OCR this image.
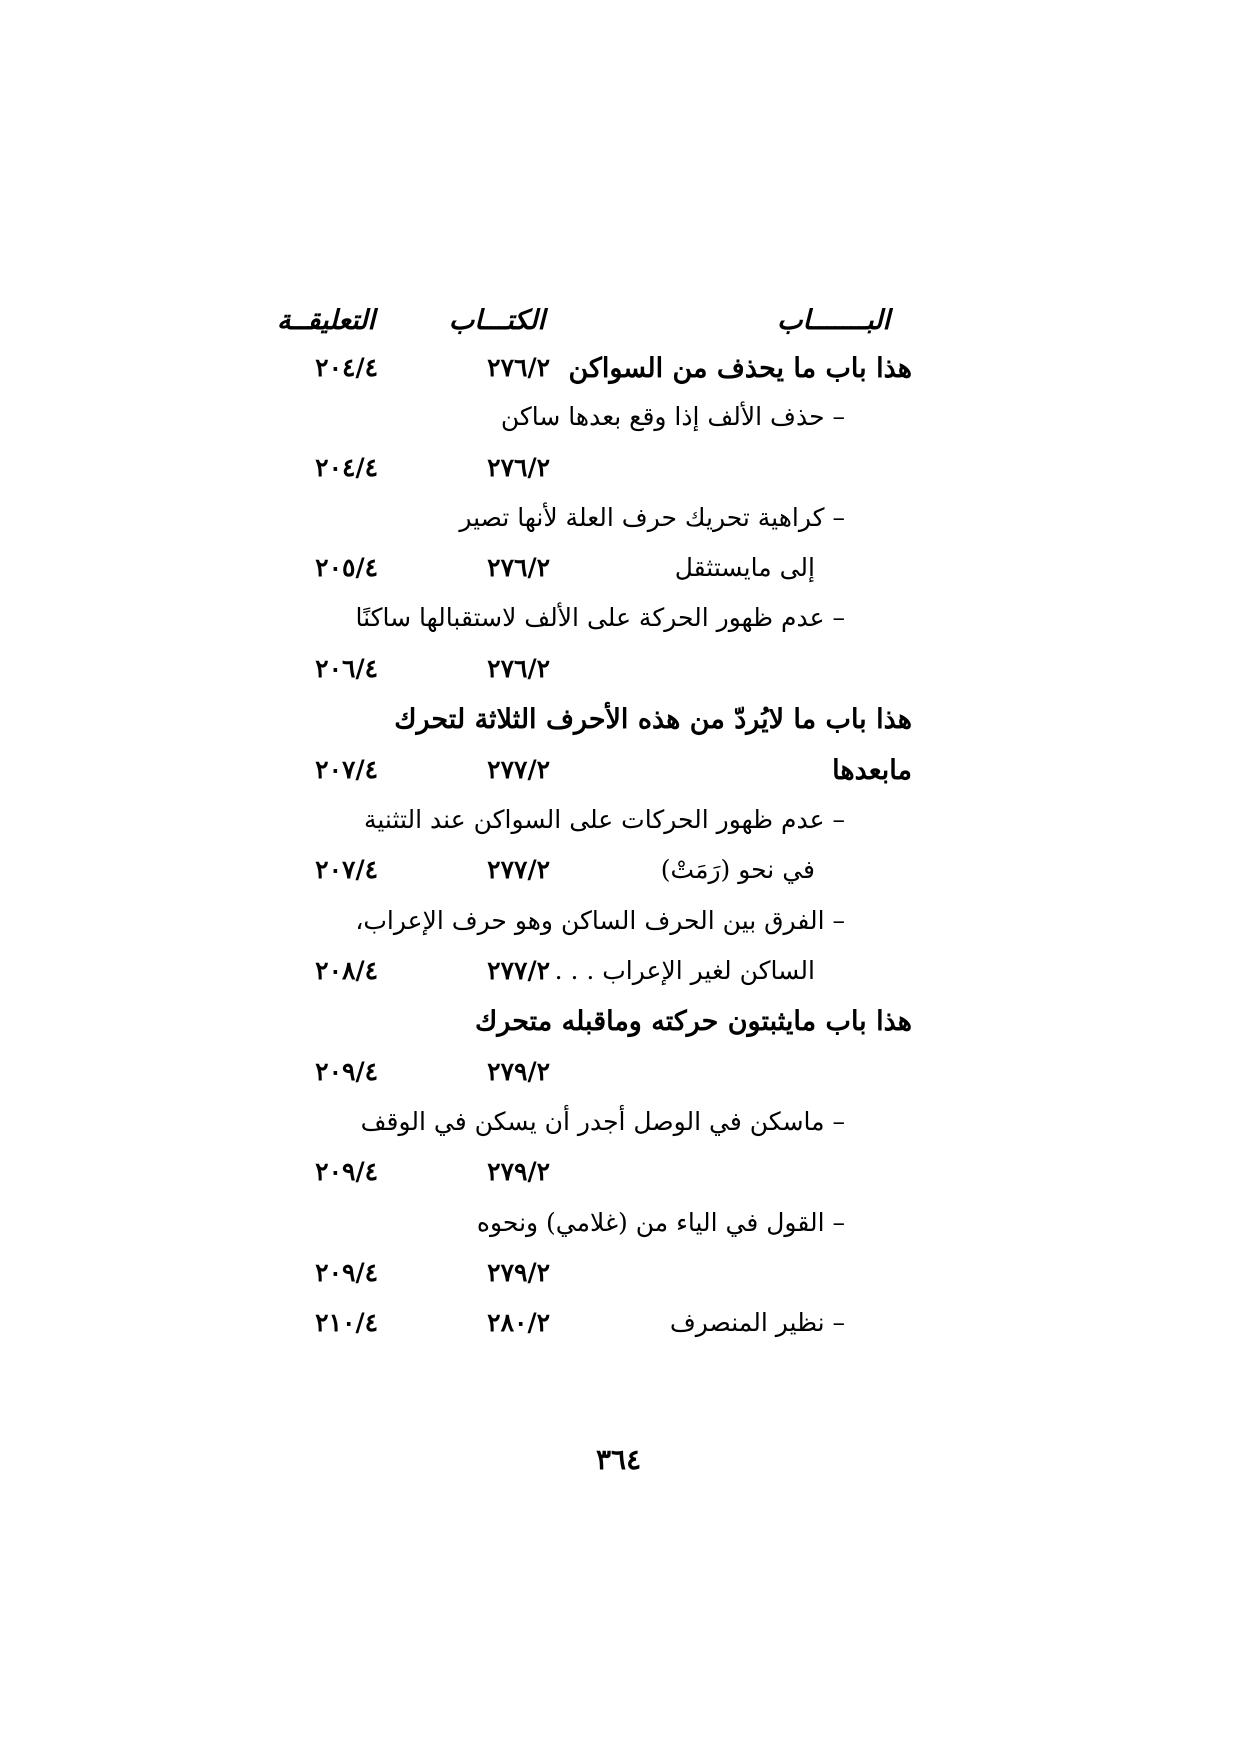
البـــــــاب
الكتـــاب
التعليقــة
هذا باب ما يحذف من السواكن
٢٧٦/٢
٢٠٤/٤
– حذف الألف إذا وقع بعدها ساكن
٢٧٦/٢
٢٠٤/٤
– كراهية تحريك حرف العلة لأنها تصير
إلى مايستثقل
٢٧٦/٢
٢٠٥/٤
– عدم ظهور الحركة على الألف لاستقبالها ساكنًا
٢٧٦/٢
٢٠٦/٤
هذا باب ما لايُردّ من هذه الأحرف الثلاثة لتحرك
مابعدها
٢٧٧/٢
٢٠٧/٤
– عدم ظهور الحركات على السواكن عند التثنية
في نحو (رَمَتْ)
٢٧٧/٢
٢٠٧/٤
– الفرق بين الحرف الساكن وهو حرف الإعراب،
الساكن لغير الإعراب . . .
٢٧٧/٢
٢٠٨/٤
هذا باب مايثبتون حركته وماقبله متحرك
٢٧٩/٢
٢٠٩/٤
– ماسكن في الوصل أجدر أن يسكن في الوقف
٢٧٩/٢
٢٠٩/٤
– القول في الياء من (غلامي) ونحوه
٢٧٩/٢
٢٠٩/٤
– نظير المنصرف
٢٨٠/٢
٢١٠/٤
٣٦٤
